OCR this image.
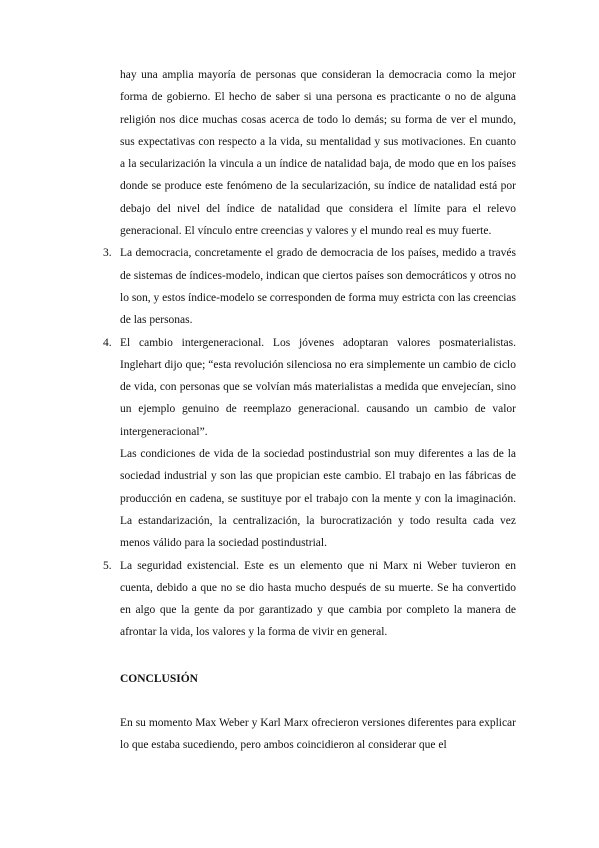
hay una amplia mayoría de personas que consideran la democracia como la mejor forma de gobierno. El hecho de saber si una persona es practicante o no de alguna religión nos dice muchas cosas acerca de todo lo demás; su forma de ver el mundo, sus expectativas con respecto a la vida, su mentalidad y sus motivaciones. En cuanto a la secularización la vincula a un índice de natalidad baja, de modo que en los países donde se produce este fenómeno de la secularización, su índice de natalidad está por debajo del nivel del índice de natalidad que considera el límite para el relevo generacional. El vínculo entre creencias y valores y el mundo real es muy fuerte.

3. La democracia, concretamente el grado de democracia de los países, medido a través de sistemas de índices-modelo, indican que ciertos países son democráticos y otros no lo son, y estos índice-modelo se corresponden de forma muy estricta con las creencias de las personas.
4. El cambio intergeneracional. Los jóvenes adoptaran valores posmaterialistas. Inglehart dijo que; “esta revolución silenciosa no era simplemente un cambio de ciclo de vida, con personas que se volvían más materialistas a medida que envejecían, sino un ejemplo genuino de reemplazo generacional. causando un cambio de valor intergeneracional”.

Las condiciones de vida de la sociedad postindustrial son muy diferentes a las de la sociedad industrial y son las que propician este cambio. El trabajo en las fábricas de producción en cadena, se sustituye por el trabajo con la mente y con la imaginación. La estandarización, la centralización, la burocratización y todo resulta cada vez menos válido para la sociedad postindustrial.

5. La seguridad existencial. Este es un elemento que ni Marx ni Weber tuvieron en cuenta, debido a que no se dio hasta mucho después de su muerte. Se ha convertido en algo que la gente da por garantizado y que cambia por completo la manera de afrontar la vida, los valores y la forma de vivir en general.
CONCLUSIÓN

En su momento Max Weber y Karl Marx ofrecieron versiones diferentes para explicar lo que estaba sucediendo, pero ambos coincidieron al considerar que el
